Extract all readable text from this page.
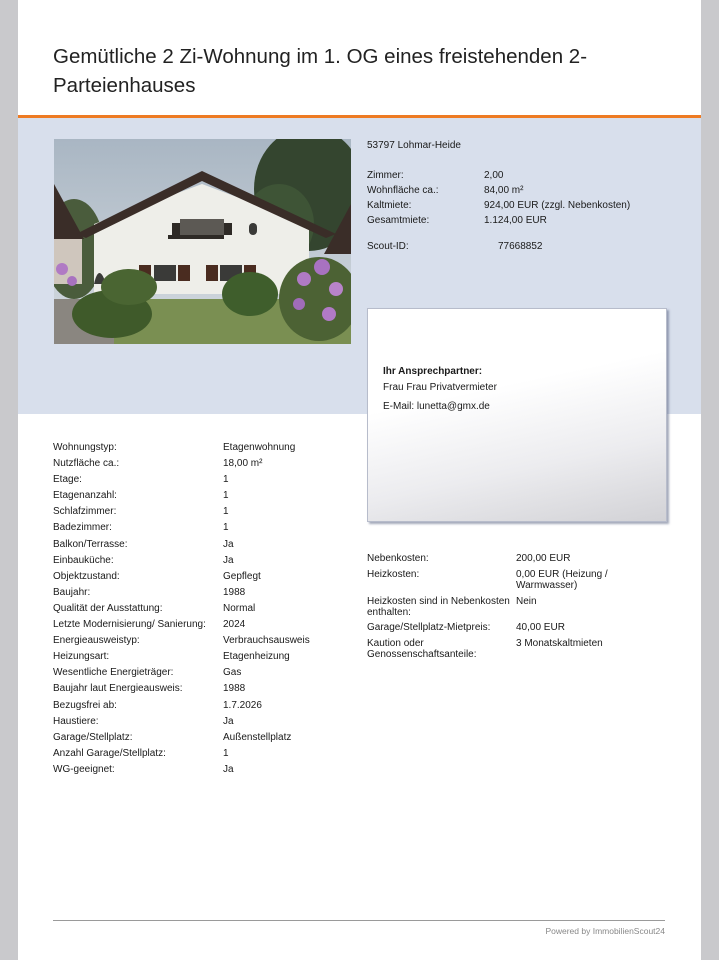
Gemütliche 2 Zi-Wohnung im 1. OG eines freistehenden 2-Parteienhauses
53797 Lohmar-Heide
Zimmer:	2,00
Wohnfläche ca.:	84,00 m²
Kaltmiete:	924,00 EUR (zzgl. Nebenkosten)
Gesamtmiete:	1.124,00 EUR
Scout-ID:	77668852
Ihr Ansprechpartner:
Frau Frau Privatvermieter
E-Mail: lunetta@gmx.de
Wohnungstyp:	Etagenwohnung
Nutzfläche ca.:	18,00 m²
Etage:	1
Etagenanzahl:	1
Schlafzimmer:	1
Badezimmer:	1
Balkon/Terrasse:	Ja
Einbauküche:	Ja
Objektzustand:	Gepflegt
Baujahr:	1988
Qualität der Ausstattung:	Normal
Letzte Modernisierung/ Sanierung: 2024
Energieausweistyp:	Verbrauchsausweis
Heizungsart:	Etagenheizung
Wesentliche Energieträger:	Gas
Baujahr laut Energieausweis:	1988
Bezugsfrei ab:	1.7.2026
Haustiere:	Ja
Garage/Stellplatz:	Außenstellplatz
Anzahl Garage/Stellplatz:	1
WG-geeignet:	Ja
Nebenkosten:	200,00 EUR
Heizkosten:	0,00 EUR (Heizung / Warmwasser)
Heizkosten sind in Nebenkosten enthalten:
Nein
Garage/Stellplatz-Mietpreis:	40,00 EUR
Kaution oder Genossenschaftsanteile:
3 Monatskaltmieten
Powered by ImmobilienScout24
